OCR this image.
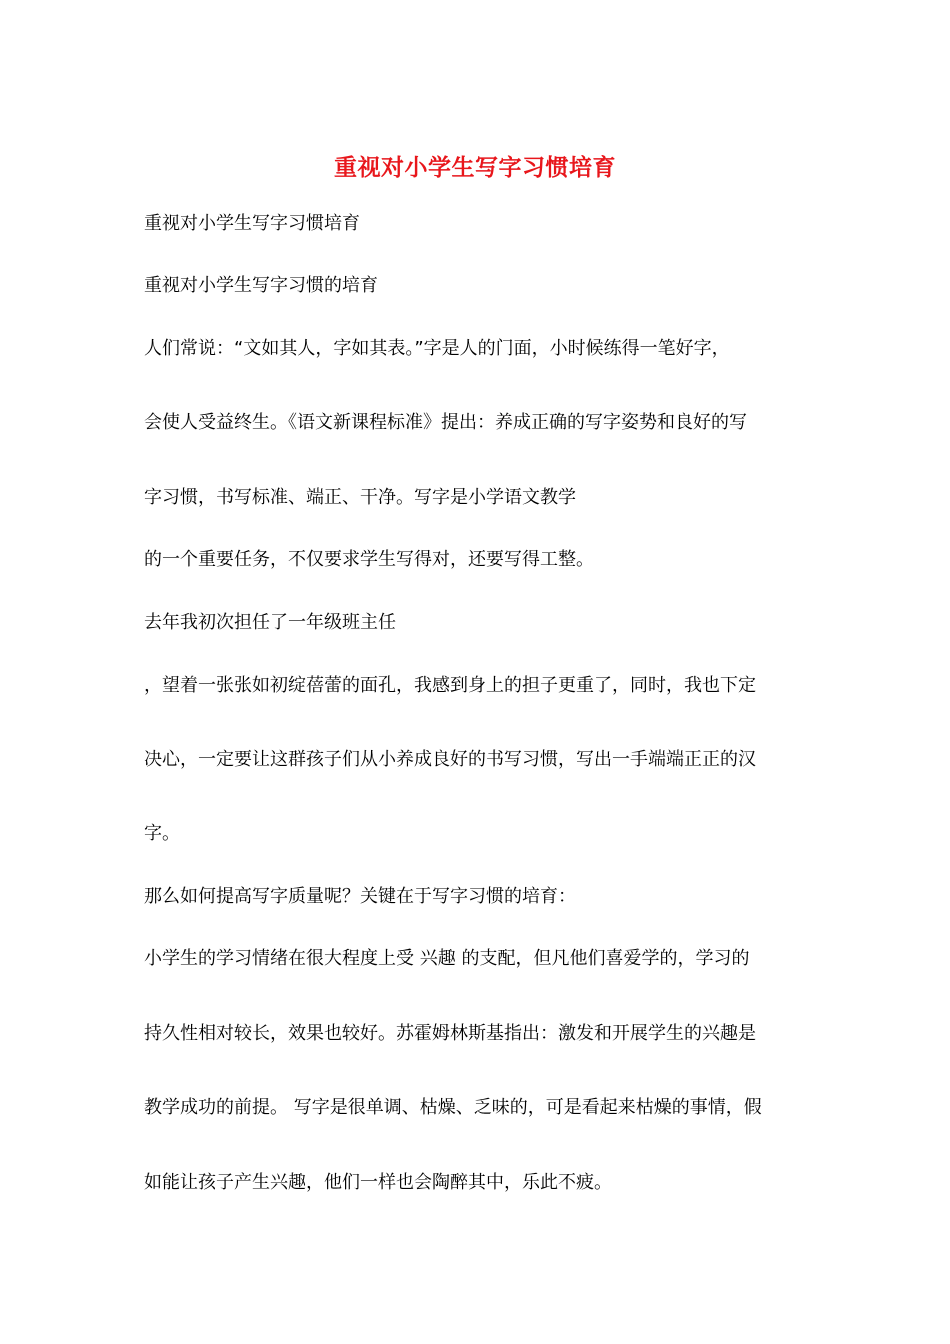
重视对小学生写字习惯培育
重视对小学生写字习惯培育
重视对小学生写字习惯的培育
人们常说：“文如其人，字如其表。”字是人的门面，小时候练得一笔好字，
会使人受益终生。《语文新课程标准》提出：养成正确的写字姿势和良好的写
字习惯，书写标准、端正、干净。写字是小学语文教学
的一个重要任务，不仅要求学生写得对，还要写得工整。
去年我初次担任了一年级班主任
，望着一张张如初绽蓓蕾的面孔，我感到身上的担子更重了，同时，我也下定
决心，一定要让这群孩子们从小养成良好的书写习惯，写出一手端端正正的汉
字。
那么如何提高写字质量呢？关键在于写字习惯的培育：
小学生的学习情绪在很大程度上受 兴趣 的支配，但凡他们喜爱学的，学习的
持久性相对较长，效果也较好。苏霍姆林斯基指出：激发和开展学生的兴趣是
教学成功的前提。 写字是很单调、枯燥、乏味的，可是看起来枯燥的事情，假
如能让孩子产生兴趣，他们一样也会陶醉其中，乐此不疲。
